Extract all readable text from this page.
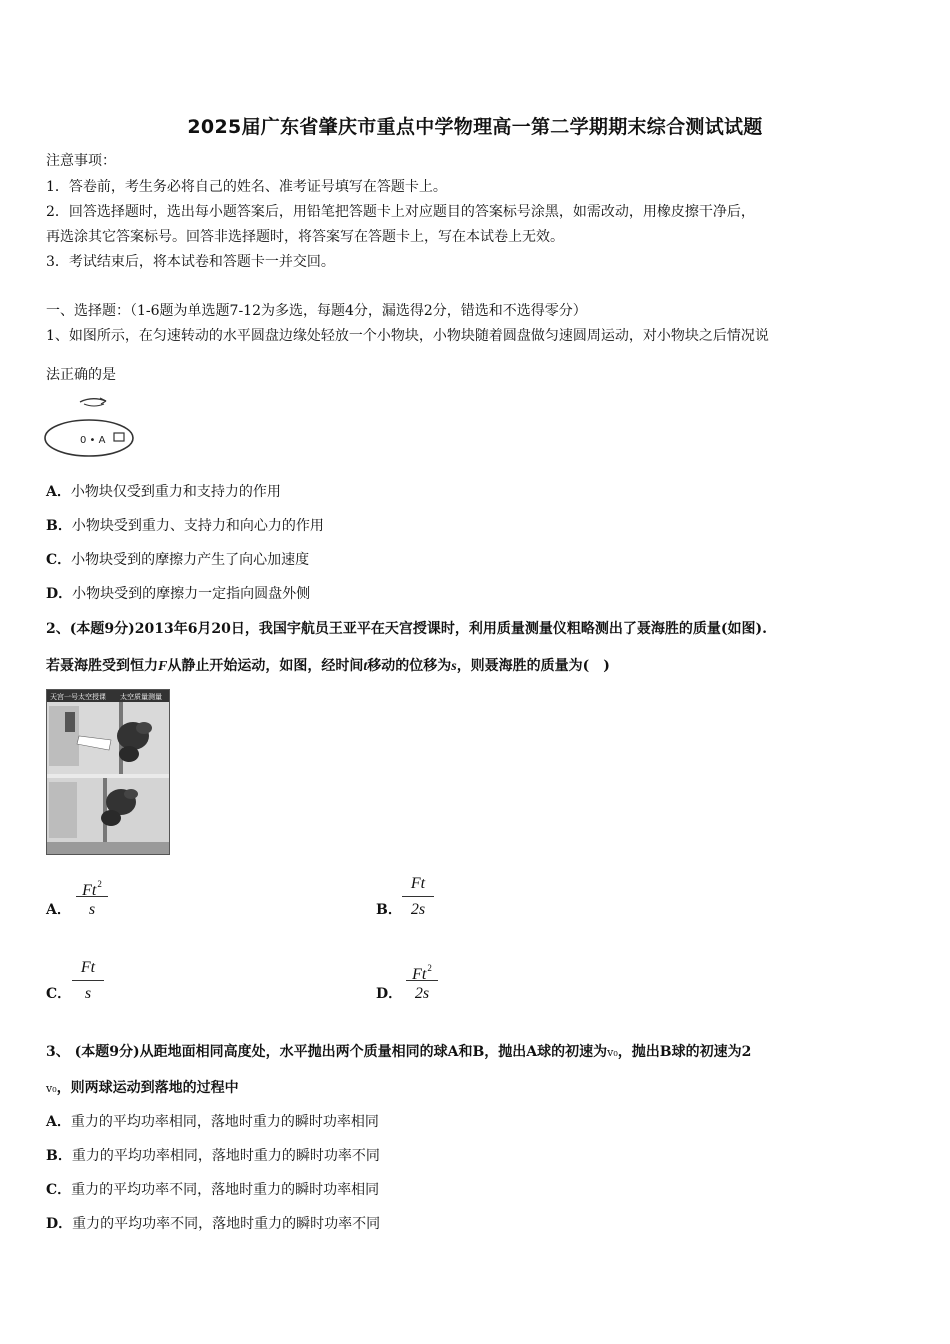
2025届广东省肇庆市重点中学物理高一第二学期期末综合测试试题
注意事项：
1．答卷前，考生务必将自己的姓名、准考证号填写在答题卡上。
2．回答选择题时，选出每小题答案后，用铅笔把答题卡上对应题目的答案标号涂黑，如需改动，用橡皮擦干净后，
再选涂其它答案标号。回答非选择题时，将答案写在答题卡上，写在本试卷上无效。
3．考试结束后，将本试卷和答题卡一并交回。
一、选择题：（1-6题为单选题7-12为多选，每题4分，漏选得2分，错选和不选得零分）
1、如图所示，在匀速转动的水平圆盘边缘处轻放一个小物块，小物块随着圆盘做匀速圆周运动，对小物块之后情况说
法正确的是
0 • A
A．小物块仅受到重力和支持力的作用
B．小物块受到重力、支持力和向心力的作用
C．小物块受到的摩擦力产生了向心加速度
D．小物块受到的摩擦力一定指向圆盘外侧
2、(本题9分)2013年6月20日，我国宇航员王亚平在天宫授课时，利用质量测量仪粗略测出了聂海胜的质量(如图).
若聂海胜受到恒力F从静止开始运动，如图，经时间t移动的位移为s，则聂海胜的质量为(　)
天宫一号太空授课 太空质量测量
A．
Ft$^2$
s	B．
Ft
2s
C．
Ft
s	D．
Ft$^2$
2s
3、 (本题9分)从距地面相同高度处，水平抛出两个质量相同的球A和B，抛出A球的初速为v₀，抛出B球的初速为2
v₀，则两球运动到落地的过程中
A．重力的平均功率相同，落地时重力的瞬时功率相同
B．重力的平均功率相同，落地时重力的瞬时功率不同
C．重力的平均功率不同，落地时重力的瞬时功率相同
D．重力的平均功率不同，落地时重力的瞬时功率不同
